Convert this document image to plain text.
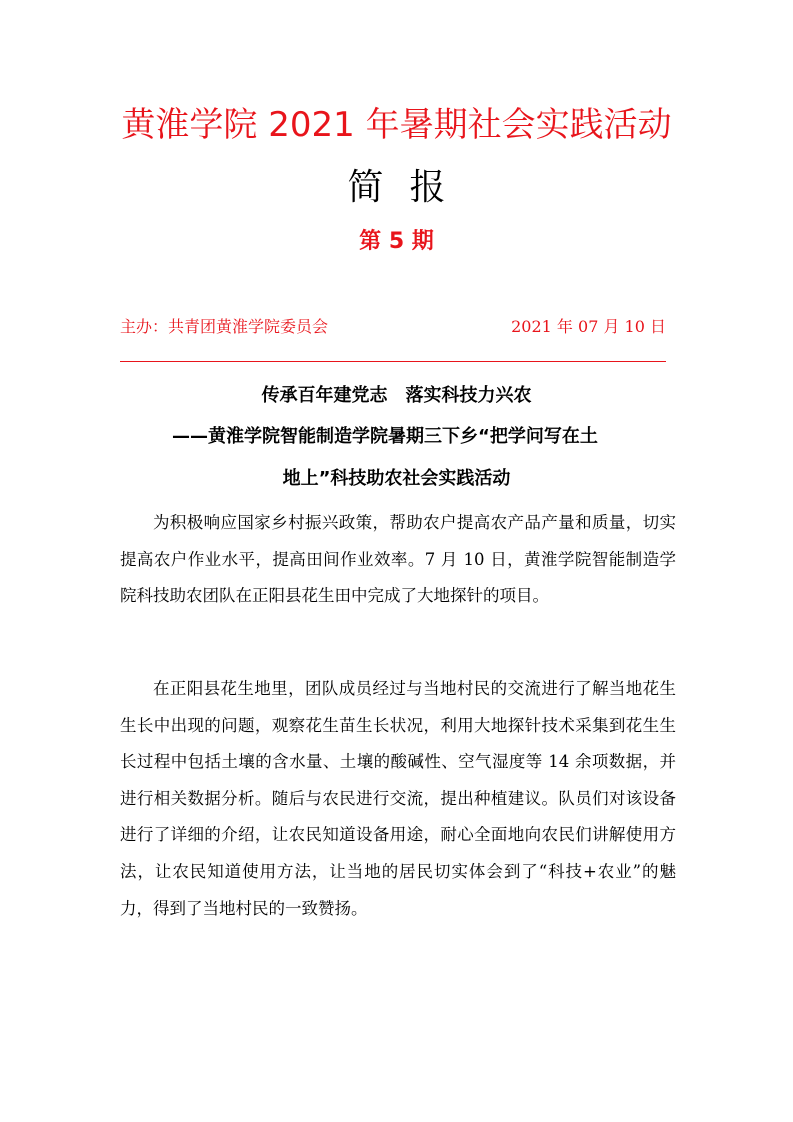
黄淮学院 2021 年暑期社会实践活动
简报
第 5 期
主办：共青团黄淮学院委员会	2021 年 07 月 10 日
传承百年建党志　落实科技力兴农
——黄淮学院智能制造学院暑期三下乡“把学问写在土
地上”科技助农社会实践活动

为积极响应国家乡村振兴政策，帮助农户提高农产品产量和质量，切实提高农户作业水平，提高田间作业效率。7 月 10 日，黄淮学院智能制造学院科技助农团队在正阳县花生田中完成了大地探针的项目。

在正阳县花生地里，团队成员经过与当地村民的交流进行了解当地花生生长中出现的问题，观察花生苗生长状况，利用大地探针技术采集到花生生长过程中包括土壤的含水量、土壤的酸碱性、空气湿度等 14 余项数据，并进行相关数据分析。随后与农民进行交流，提出种植建议。队员们对该设备进行了详细的介绍，让农民知道设备用途，耐心全面地向农民们讲解使用方法，让农民知道使用方法，让当地的居民切实体会到了“科技+农业”的魅力，得到了当地村民的一致赞扬。
